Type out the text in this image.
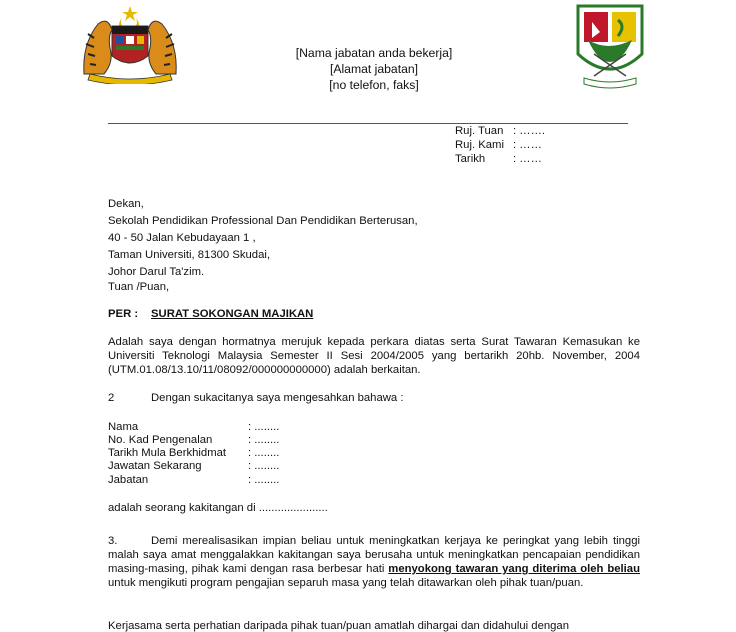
[Nama jabatan anda bekerja]
[Alamat jabatan]
[no telefon, faks]
Ruj. Tuan : …….
Ruj. Kami : ……
Tarikh : ……
Dekan,
Sekolah Pendidikan Professional Dan Pendidikan Berterusan,
40 - 50 Jalan Kebudayaan 1 ,
Taman Universiti, 81300 Skudai,
Johor Darul Ta'zim.
Tuan /Puan,
PER : SURAT SOKONGAN MAJIKAN
Adalah saya dengan hormatnya merujuk kepada perkara diatas serta Surat Tawaran Kemasukan ke Universiti Teknologi Malaysia Semester II Sesi 2004/2005 yang bertarikh 20hb. November, 2004 (UTM.01.08/13.10/11/08092/000000000000) adalah berkaitan.
2	Dengan sukacitanya saya mengesahkan bahawa :
Nama	: ........
No. Kad Pengenalan	: ........
Tarikh Mula Berkhidmat : ........
Jawatan Sekarang	: ........
Jabatan	: ........
adalah seorang kakitangan di ......................
3.	Demi merealisasikan impian beliau untuk meningkatkan kerjaya ke peringkat yang lebih tinggi malah saya amat menggalakkan kakitangan saya berusaha untuk meningkatkan pencapaian pendidikan masing-masing, pihak kami dengan rasa berbesar hati menyokong tawaran yang diterima oleh beliau untuk mengikuti program pengajian separuh masa yang telah ditawarkan oleh pihak tuan/puan.
Kerjasama serta perhatian daripada pihak tuan/puan amatlah dihargai dan didahului dengan
